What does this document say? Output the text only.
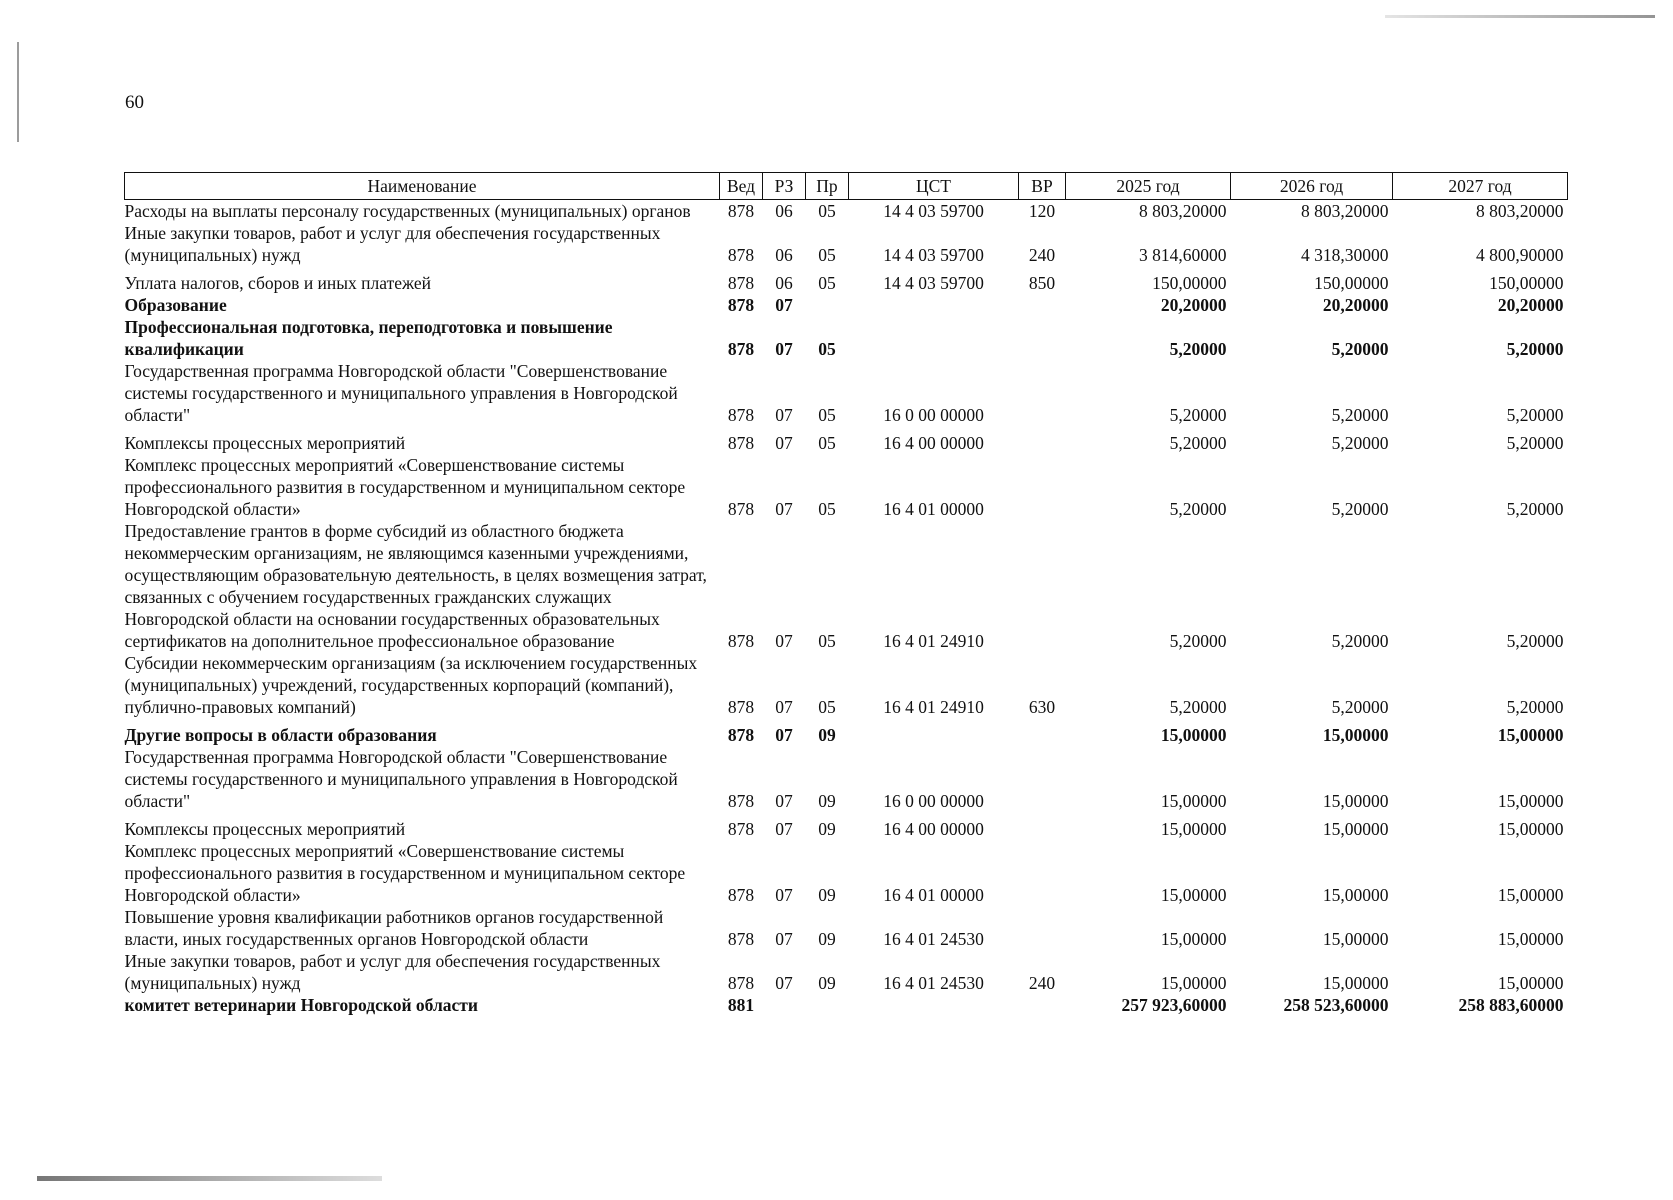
60
Наименование	Вед	РЗ	Пр	ЦСТ	ВР	2025 год	2026 год	2027 год
Расходы на выплаты персоналу государственных (муниципальных) органов	878	06	05	14 4 03 59700	120	8 803,20000	8 803,20000	8 803,20000
Иные закупки товаров, работ и услуг для обеспечения государственных (муниципальных) нужд	878	06	05	14 4 03 59700	240	3 814,60000	4 318,30000	4 800,90000
Уплата налогов, сборов и иных платежей	878	06	05	14 4 03 59700	850	150,00000	150,00000	150,00000
Образование	878	07				20,20000	20,20000	20,20000
Профессиональная подготовка, переподготовка и повышение квалификации	878	07	05			5,20000	5,20000	5,20000
Государственная программа Новгородской области "Совершенствование системы государственного и муниципального управления в Новгородской области"	878	07	05	16 0 00 00000		5,20000	5,20000	5,20000
Комплексы процессных мероприятий	878	07	05	16 4 00 00000		5,20000	5,20000	5,20000
Комплекс процессных мероприятий «Совершенствование системы профессионального развития в государственном и муниципальном секторе Новгородской области»	878	07	05	16 4 01 00000		5,20000	5,20000	5,20000
Предоставление грантов в форме субсидий из областного бюджета некоммерческим организациям, не являющимся казенными учреждениями, осуществляющим образовательную деятельность, в целях возмещения затрат, связанных с обучением государственных гражданских служащих Новгородской области на основании государственных образовательных сертификатов на дополнительное профессиональное образование	878	07	05	16 4 01 24910		5,20000	5,20000	5,20000
Субсидии некоммерческим организациям (за исключением государственных (муниципальных) учреждений, государственных корпораций (компаний), публично-правовых компаний)	878	07	05	16 4 01 24910	630	5,20000	5,20000	5,20000
Другие вопросы в области образования	878	07	09			15,00000	15,00000	15,00000
Государственная программа Новгородской области "Совершенствование системы государственного и муниципального управления в Новгородской области"	878	07	09	16 0 00 00000		15,00000	15,00000	15,00000
Комплексы процессных мероприятий	878	07	09	16 4 00 00000		15,00000	15,00000	15,00000
Комплекс процессных мероприятий «Совершенствование системы профессионального развития в государственном и муниципальном секторе Новгородской области»	878	07	09	16 4 01 00000		15,00000	15,00000	15,00000
Повышение уровня квалификации работников органов государственной власти, иных государственных органов Новгородской области	878	07	09	16 4 01 24530		15,00000	15,00000	15,00000
Иные закупки товаров, работ и услуг для обеспечения государственных (муниципальных) нужд	878	07	09	16 4 01 24530	240	15,00000	15,00000	15,00000
комитет ветеринарии Новгородской области	881					257 923,60000	258 523,60000	258 883,60000
